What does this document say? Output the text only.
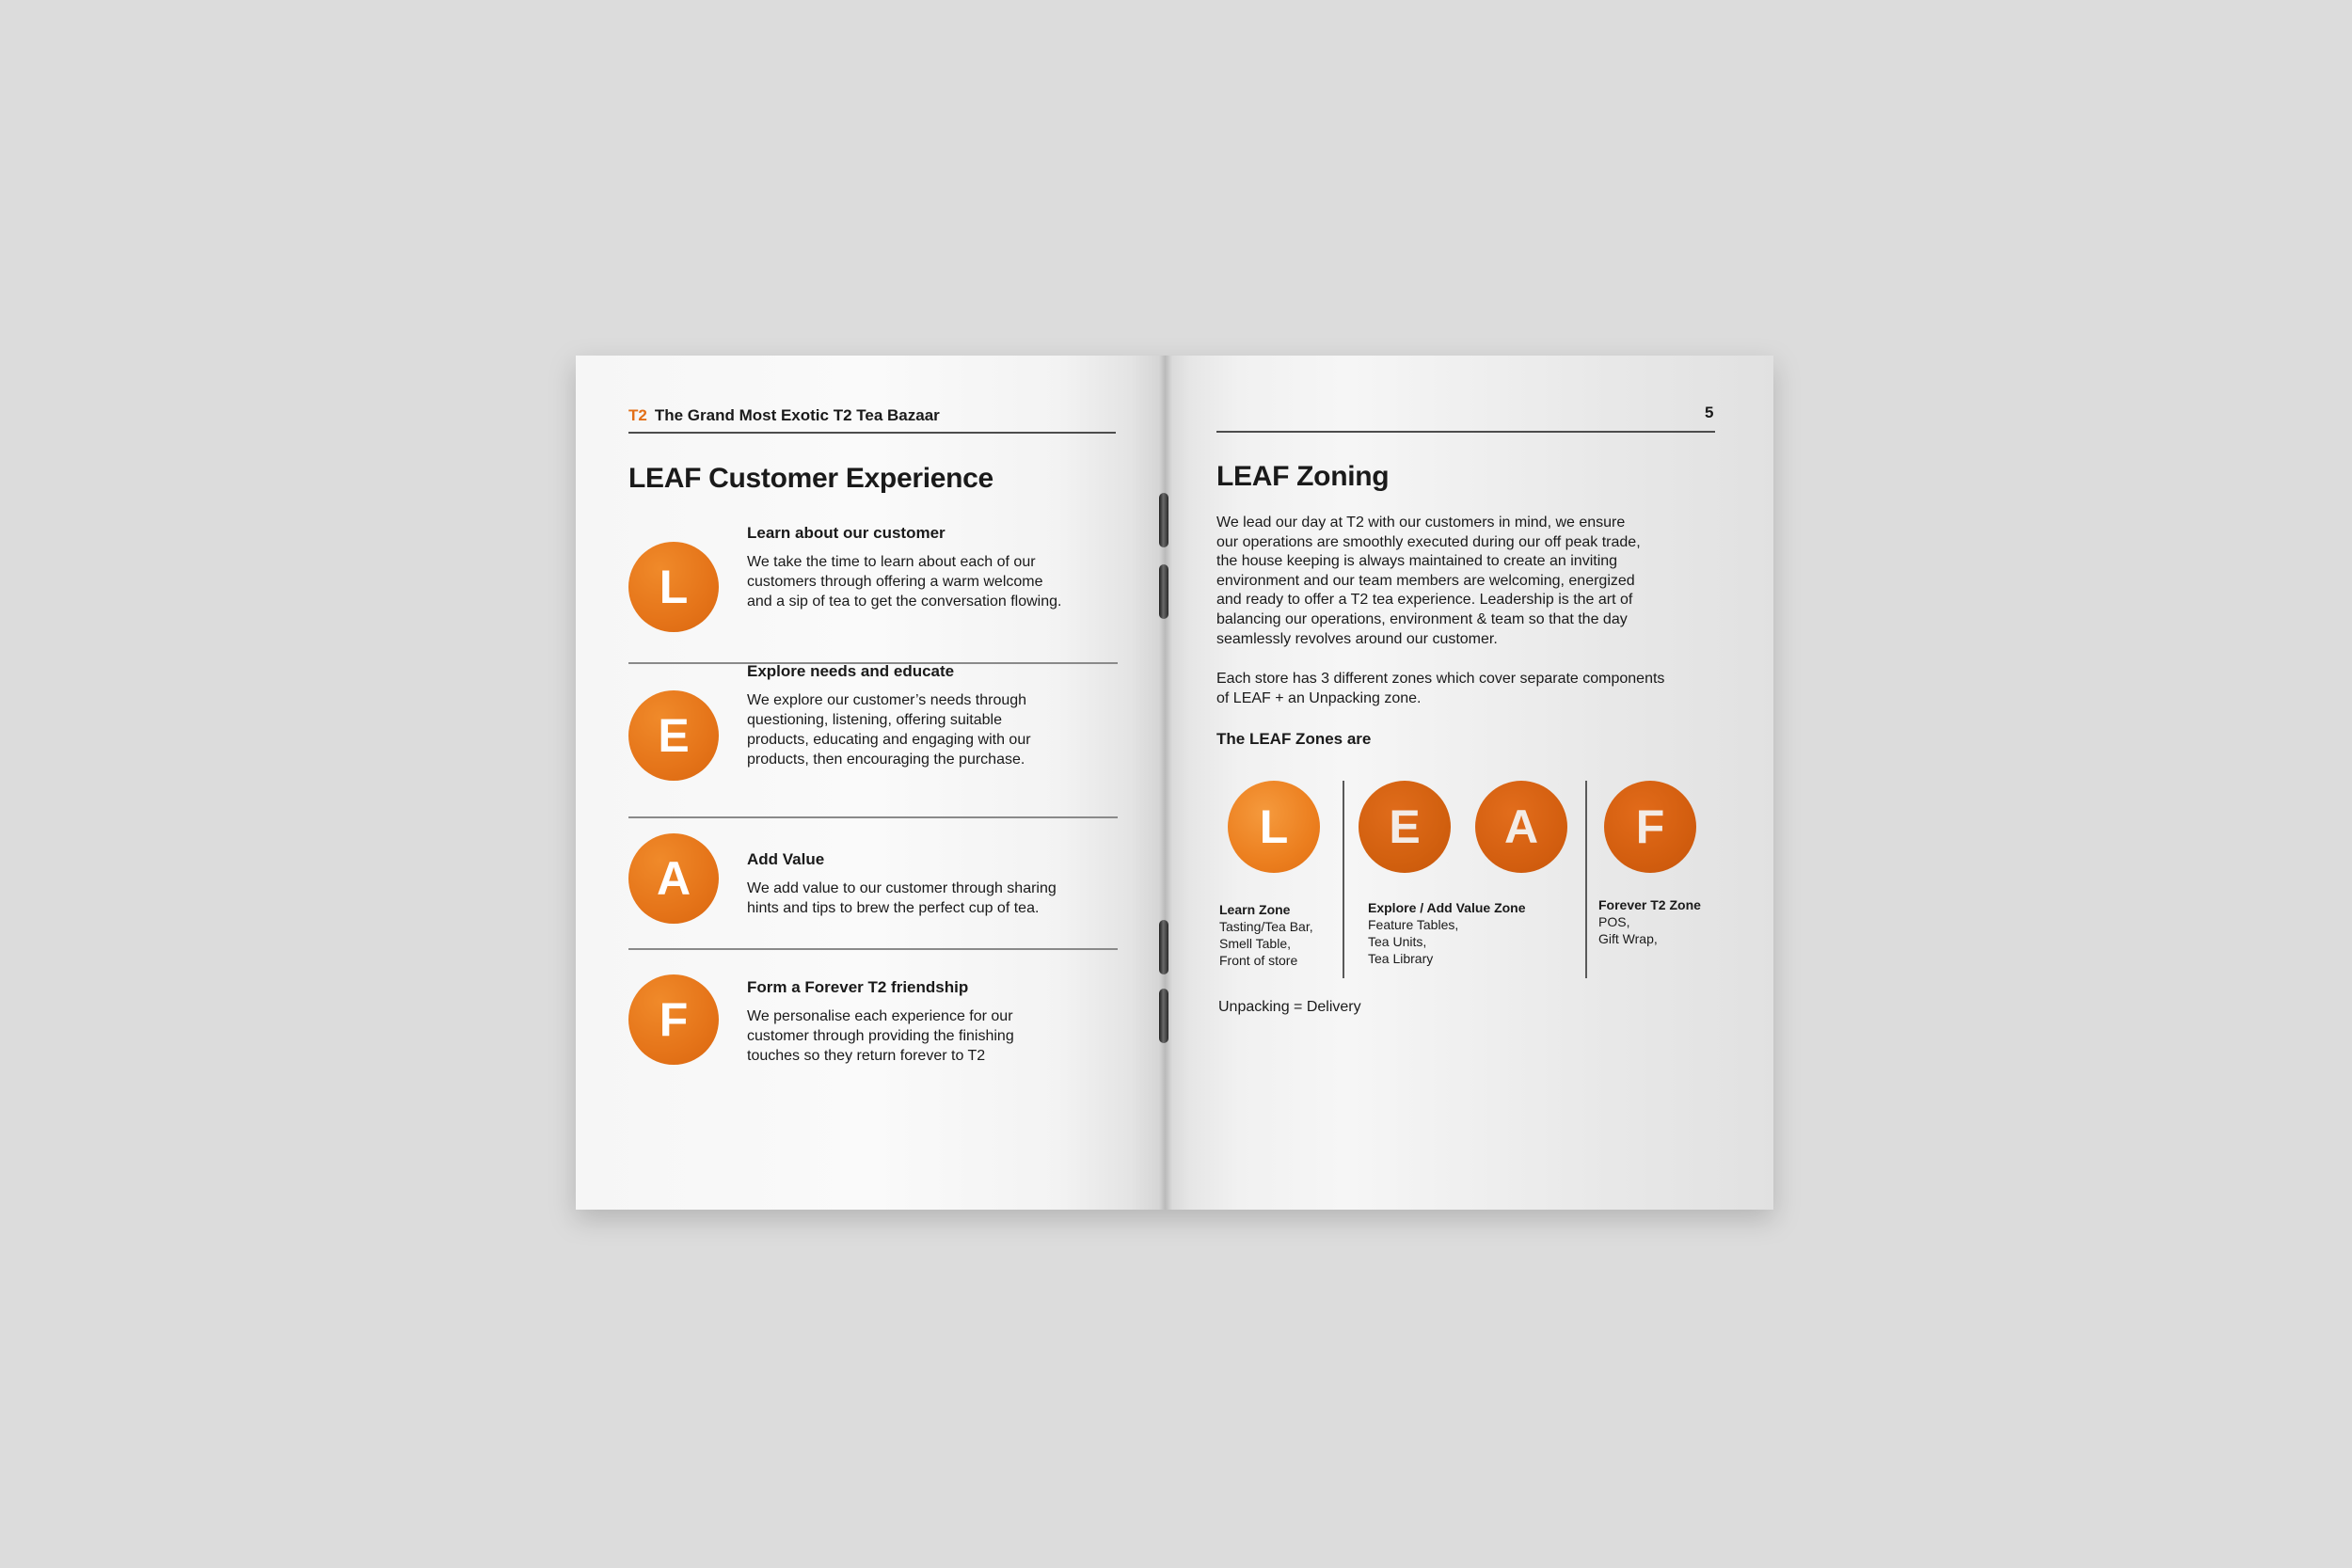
T2 The Grand Most Exotic T2 Tea Bazaar
LEAF Customer Experience
L
Learn about our customer
We take the time to learn about each of our
customers through offering a warm welcome
and a sip of tea to get the conversation flowing.
E
Explore needs and educate
We explore our customer’s needs through
questioning, listening, offering suitable
products, educating and engaging with our
products, then encouraging the purchase.
A	Add Value
We add value to our customer through sharing
hints and tips to brew the perfect cup of tea.
F
Form a Forever T2 friendship
We personalise each experience for our
customer through providing the finishing
touches so they return forever to T2
5
LEAF Zoning
We lead our day at T2 with our customers in mind, we ensure
our operations are smoothly executed during our off peak trade,
the house keeping is always maintained to create an inviting
environment and our team members are welcoming, energized
and ready to offer a T2 tea experience. Leadership is the art of
balancing our operations, environment & team so that the day
seamlessly revolves around our customer.
Each store has 3 different zones which cover separate components
of LEAF + an Unpacking zone.
The LEAF Zones are
L	E	A	F
Learn Zone
Tasting/Tea Bar,
Smell Table,
Front of store
Explore / Add Value Zone
Feature Tables,
Tea Units,
Tea Library
Forever T2 Zone
POS,
Gift Wrap,
Unpacking = Delivery
